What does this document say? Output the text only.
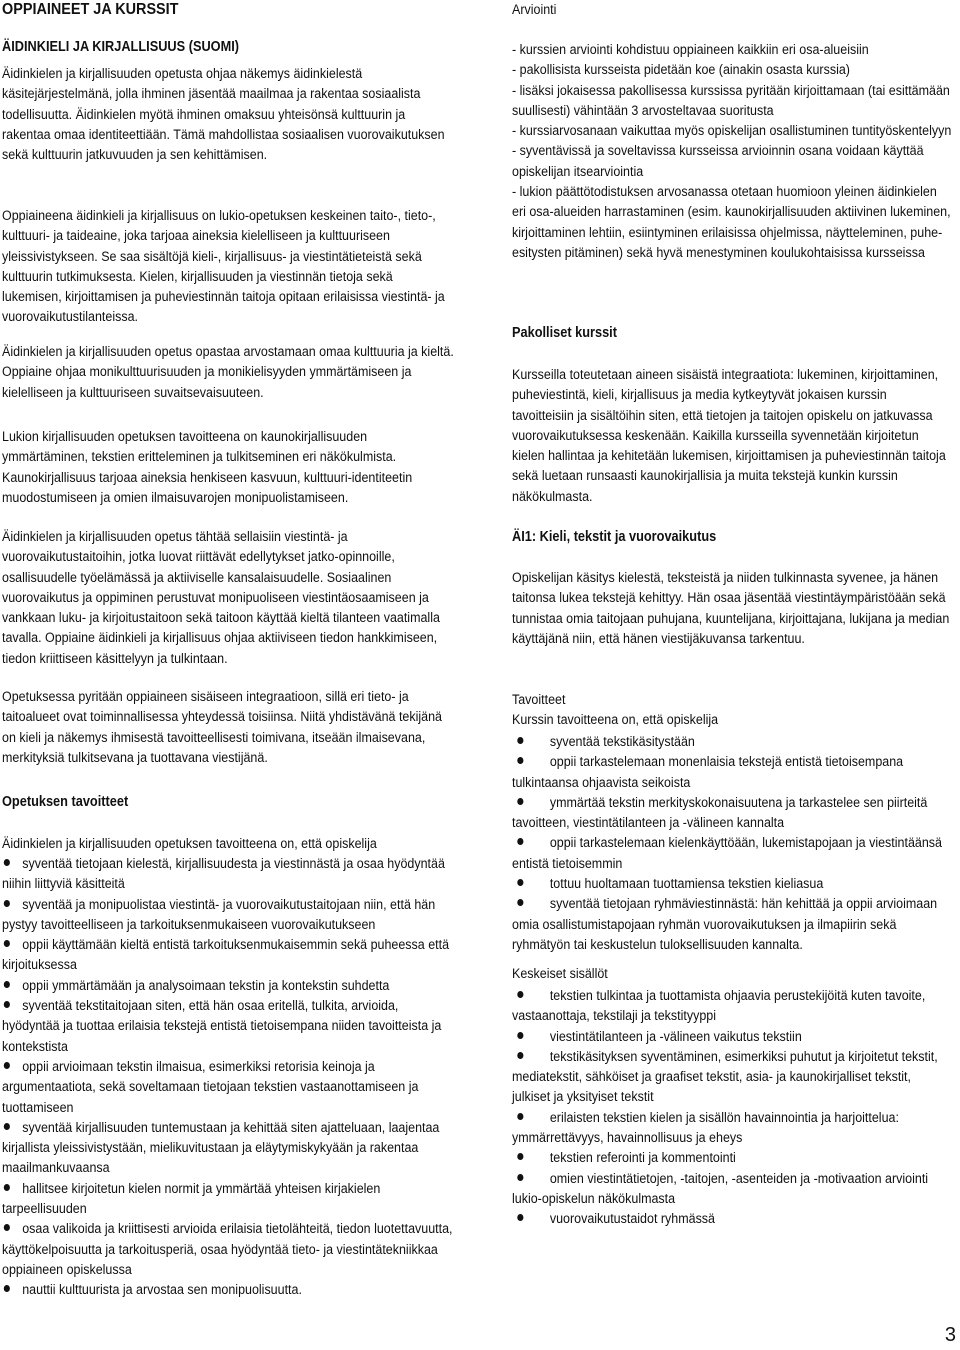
OPPIAINEET JA KURSSIT

ÄIDINKIELI JA KIRJALLISUUS (SUOMI)

Äidinkielen ja kirjallisuuden opetusta ohjaa näkemys äidinkielestä käsitejärjestelmänä, jolla ihminen jäsentää maailmaa ja rakentaa sosiaalista todellisuutta. Äidinkielen myötä ihminen omaksuu yhteisönsä kulttuurin ja rakentaa omaa identiteettiään. Tämä mahdollistaa sosiaalisen vuorovaikutuksen sekä kulttuurin jatkuvuuden ja sen kehittämisen.

Oppiaineena äidinkieli ja kirjallisuus on lukio-opetuksen keskeinen taito-, tieto-, kulttuuri- ja taideaine, joka tarjoaa aineksia kielelliseen ja kulttuuriseen yleissivistykseen. Se saa sisältöjä kieli-, kirjallisuus- ja viestintätieteistä sekä kulttuurin tutkimuksesta. Kielen, kirjallisuuden ja viestinnän tietoja sekä lukemisen, kirjoittamisen ja puheviestinnän taitoja opitaan erilaisissa viestintä- ja vuorovaikutustilanteissa.

Äidinkielen ja kirjallisuuden opetus opastaa arvostamaan omaa kulttuuria ja kieltä. Oppiaine ohjaa monikulttuurisuuden ja monikielisyyden ymmärtämiseen ja kielelliseen ja kulttuuriseen suvaitsevaisuuteen.

Lukion kirjallisuuden opetuksen tavoitteena on kaunokirjallisuuden ymmärtäminen, tekstien eritteleminen ja tulkitseminen eri näkökulmista. Kaunokirjallisuus tarjoaa aineksia henkiseen kasvuun, kulttuuri-identiteetin muodostumiseen ja omien ilmaisuvarojen monipuolistamiseen.

Äidinkielen ja kirjallisuuden opetus tähtää sellaisiin viestintä- ja vuorovaikutustaitoihin, jotka luovat riittävät edellytykset jatko-opinnoille, osallisuudelle työelämässä ja aktiiviselle kansalaisuudelle. Sosiaalinen vuorovaikutus ja oppiminen perustuvat monipuoliseen viestintäosaamiseen ja vankkaan luku- ja kirjoitustaitoon sekä taitoon käyttää kieltä tilanteen vaatimalla tavalla. Oppiaine äidinkieli ja kirjallisuus ohjaa aktiiviseen tiedon hankkimiseen, tiedon kriittiseen käsittelyyn ja tulkintaan.

Opetuksessa pyritään oppiaineen sisäiseen integraatioon, sillä eri tieto- ja taitoalueet ovat toiminnallisessa yhteydessä toisiinsa. Niitä yhdistävänä tekijänä on kieli ja näkemys ihmisestä tavoitteellisesti toimivana, itseään ilmaisevana, merkityksiä tulkitsevana ja tuottavana viestijänä.

Opetuksen tavoitteet

Äidinkielen ja kirjallisuuden opetuksen tavoitteena on, että opiskelija

syventää tietojaan kielestä, kirjallisuudesta ja viestinnästä ja osaa hyödyntää niihin liittyviä käsitteitä
syventää ja monipuolistaa viestintä- ja vuorovaikutustaitojaan niin, että hän pystyy tavoitteelliseen ja tarkoituksenmukaiseen vuorovaikutukseen
oppii käyttämään kieltä entistä tarkoituksenmukaisemmin sekä puheessa että kirjoituksessa
oppii ymmärtämään ja analysoimaan tekstin ja kontekstin suhdetta
syventää tekstitaitojaan siten, että hän osaa eritellä, tulkita, arvioida, hyödyntää ja tuottaa erilaisia tekstejä entistä tietoisempana niiden tavoitteista ja kontekstista
oppii arvioimaan tekstin ilmaisua, esimerkiksi retorisia keinoja ja argumentaatiota, sekä soveltamaan tietojaan tekstien vastaanottamiseen ja tuottamiseen
syventää kirjallisuuden tuntemustaan ja kehittää siten ajatteluaan, laajentaa kirjallista yleissivistystään, mielikuvitustaan ja eläytymiskykyään ja rakentaa maailmankuvaansa
hallitsee kirjoitetun kielen normit ja ymmärtää yhteisen kirjakielen tarpeellisuuden
osaa valikoida ja kriittisesti arvioida erilaisia tietolähteitä, tiedon luotettavuutta, käyttökelpoisuutta ja tarkoitusperiä, osaa hyödyntää tieto- ja viestintätekniikkaa oppiaineen opiskelussa
nauttii kulttuurista ja arvostaa sen monipuolisuutta.

Arviointi

- kurssien arviointi kohdistuu oppiaineen kaikkiin eri osa-alueisiin
- pakollisista kursseista pidetään koe (ainakin osasta kurssia)
- lisäksi jokaisessa pakollisessa kurssissa pyritään kirjoittamaan (tai esittämään suullisesti) vähintään 3 arvosteltavaa suoritusta
- kurssiarvosanaan vaikuttaa myös opiskelijan osallistuminen tuntityöskentelyyn
- syventävissä ja soveltavissa kursseissa arvioinnin osana voidaan käyttää opiskelijan itsearviointia
- lukion päättötodistuksen arvosanassa otetaan huomioon yleinen äidinkielen eri osa-alueiden harrastaminen (esim. kaunokirjallisuuden aktiivinen lukeminen, kirjoittaminen lehtiin, esiintyminen erilaisissa ohjelmissa, näytteleminen, puhe-esitysten pitäminen) sekä hyvä menestyminen koulukohtaisissa kursseissa

Pakolliset kurssit

Kursseilla toteutetaan aineen sisäistä integraatiota: lukeminen, kirjoittaminen, puheviestintä, kieli, kirjallisuus ja media kytkeytyvät jokaisen kurssin tavoitteisiin ja sisältöihin siten, että tietojen ja taitojen opiskelu on jatkuvassa vuorovaikutuksessa keskenään. Kaikilla kursseilla syvennetään kirjoitetun kielen hallintaa ja kehitetään lukemisen, kirjoittamisen ja puheviestinnän taitoja sekä luetaan runsaasti kaunokirjallisia ja muita tekstejä kunkin kurssin näkökulmasta.

ÄI1: Kieli, tekstit ja vuorovaikutus

Opiskelijan käsitys kielestä, teksteistä ja niiden tulkinnasta syvenee, ja hänen taitonsa lukea tekstejä kehittyy. Hän osaa jäsentää viestintäympäristöään sekä tunnistaa omia taitojaan puhujana, kuuntelijana, kirjoittajana, lukijana ja median käyttäjänä niin, että hänen viestijäkuvansa tarkentuu.

Tavoitteet

Kurssin tavoitteena on, että opiskelija

syventää tekstikäsitystään
oppii tarkastelemaan monenlaisia tekstejä entistä tietoisempana tulkintaansa ohjaavista seikoista
ymmärtää tekstin merkityskokonaisuutena ja tarkastelee sen piirteitä tavoitteen, viestintätilanteen ja -välineen kannalta
oppii tarkastelemaan kielenkäyttöään, lukemistapojaan ja viestintäänsä entistä tietoisemmin
tottuu huoltamaan tuottamiensa tekstien kieliasua
syventää tietojaan ryhmäviestinnästä: hän kehittää ja oppii arvioimaan omia osallistumistapojaan ryhmän vuorovaikutuksen ja ilmapiirin sekä ryhmätyön tai keskustelun tuloksellisuuden kannalta.

Keskeiset sisällöt

tekstien tulkintaa ja tuottamista ohjaavia perustekijöitä kuten tavoite, vastaanottaja, tekstilaji ja tekstityyppi
viestintätilanteen ja -välineen vaikutus tekstiin
tekstikäsityksen syventäminen, esimerkiksi puhutut ja kirjoitetut tekstit, mediatekstit, sähköiset ja graafiset tekstit, asia- ja kaunokirjalliset tekstit, julkiset ja yksityiset tekstit
erilaisten tekstien kielen ja sisällön havainnointia ja harjoittelua: ymmärrettävyys, havainnollisuus ja eheys
tekstien referointi ja kommentointi
omien viestintätietojen, -taitojen, -asenteiden ja -motivaation arviointi lukio-opiskelun näkökulmasta
vuorovaikutustaidot ryhmässä
3
